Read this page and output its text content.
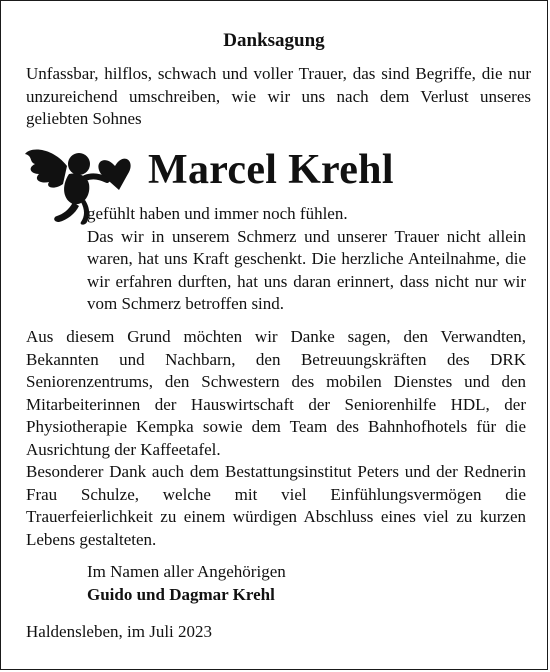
Danksagung
Unfassbar, hilflos, schwach und voller Trauer, das sind Begriffe, die nur unzureichend umschreiben, wie wir uns nach dem Verlust unseres geliebten Sohnes
Marcel Krehl

gefühlt haben und immer noch fühlen.

Das wir in unserem Schmerz und unserer Trauer nicht allein waren, hat uns Kraft geschenkt. Die herzliche Anteilnahme, die wir erfahren durften, hat uns daran erinnert, dass nicht nur wir vom Schmerz betroffen sind.

Aus diesem Grund möchten wir Danke sagen, den Verwandten, Bekannten und Nachbarn, den Betreuungskräften des DRK Seniorenzentrums, den Schwestern des mobilen Dienstes und den Mitarbeiterinnen der Hauswirtschaft der Seniorenhilfe HDL, der Physiotherapie Kempka sowie dem Team des Bahnhofhotels für die Ausrichtung der Kaffeetafel.

Besonderer Dank auch dem Bestattungsinstitut Peters und der Rednerin Frau Schulze, welche mit viel Einfühlungsvermögen die Trauerfeierlichkeit zu einem würdigen Abschluss eines viel zu kurzen Lebens gestalteten.

Im Namen aller Angehörigen
Guido und Dagmar Krehl
Haldensleben, im Juli 2023
